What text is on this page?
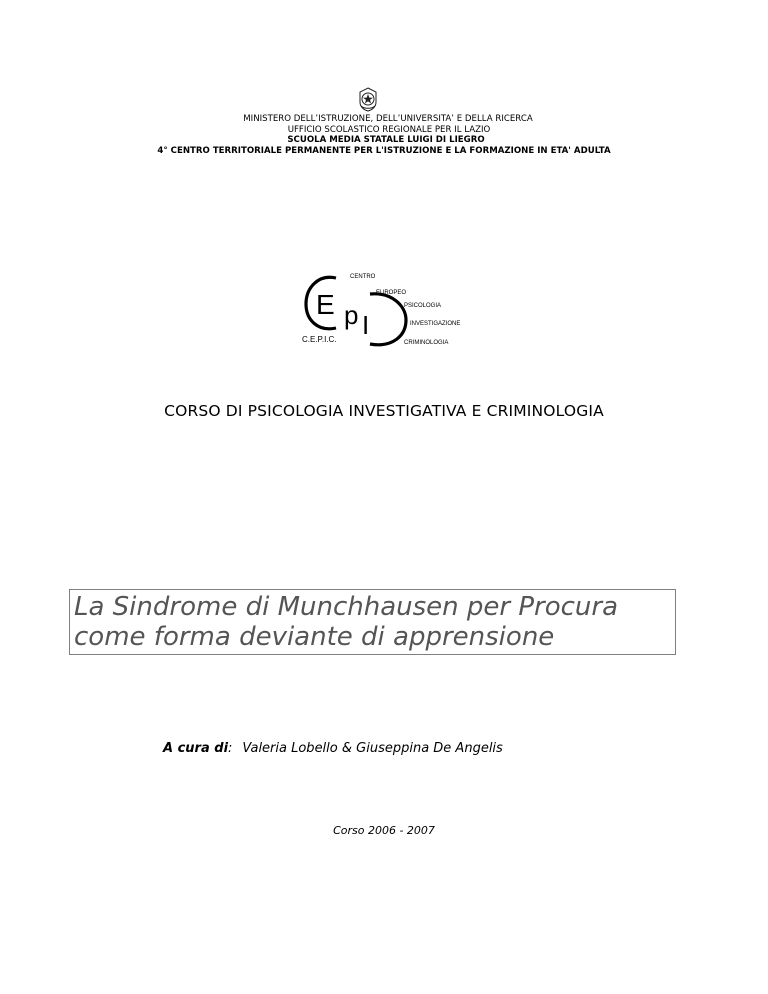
MINISTERO DELL’ISTRUZIONE, DELL’UNIVERSITA’ E DELLA RICERCA
UFFICIO SCOLASTICO REGIONALE PER IL LAZIO
SCUOLA MEDIA STATALE LUIGI DI LIEGRO
4° CENTRO TERRITORIALE PERMANENTE PER L'ISTRUZIONE E LA FORMAZIONE IN ETA' ADULTA
E p I
C.E.P.I.C.
CENTRO
EUROPEO
PSICOLOGIA
INVESTIGAZIONE
CRIMINOLOGIA
CORSO DI PSICOLOGIA INVESTIGATIVA E CRIMINOLOGIA
La Sindrome di Munchhausen per Procura
come forma deviante di apprensione
A cura di: Valeria Lobello & Giuseppina De Angelis
Corso 2006 - 2007
